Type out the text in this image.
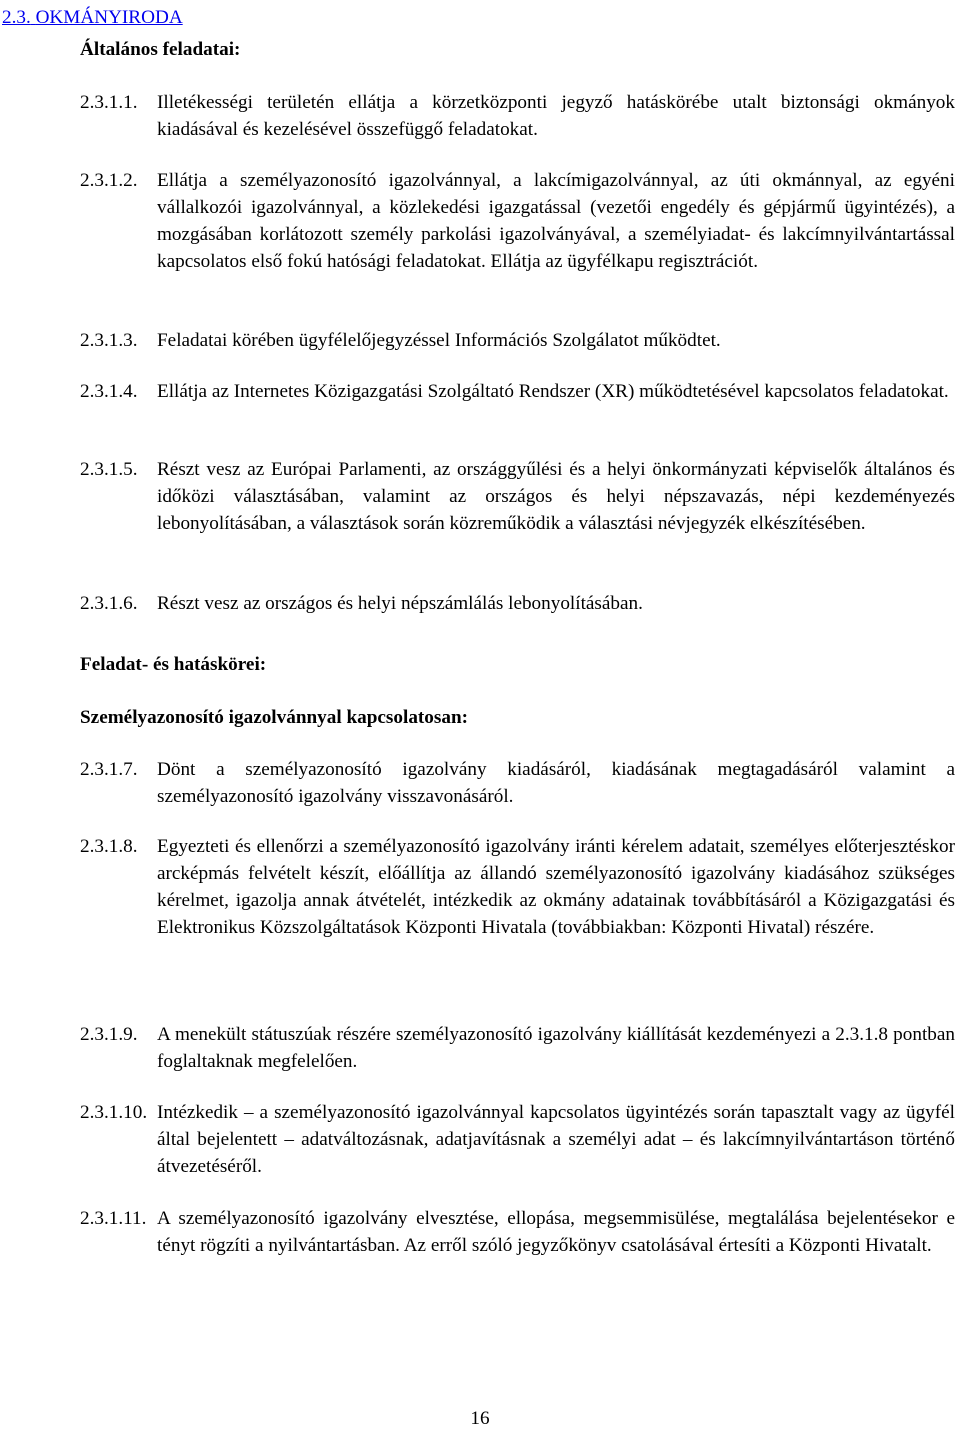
2.3. OKMÁNYIRODA
Általános feladatai:
2.3.1.1. Illetékességi területén ellátja a körzetközponti jegyző hatáskörébe utalt biztonsági okmányok kiadásával és kezelésével összefüggő feladatokat.
2.3.1.2. Ellátja a személyazonosító igazolvánnyal, a lakcímigazolvánnyal, az úti okmánnyal, az egyéni vállalkozói igazolvánnyal, a közlekedési igazgatással (vezetői engedély és gépjármű ügyintézés), a mozgásában korlátozott személy parkolási igazolványával, a személyiadat- és lakcímnyilvántartással kapcsolatos első fokú hatósági feladatokat. Ellátja az ügyfélkapu regisztrációt.
2.3.1.3. Feladatai körében ügyfélelőjegyzéssel Információs Szolgálatot működtet.
2.3.1.4. Ellátja az Internetes Közigazgatási Szolgáltató Rendszer (XR) működtetésével kapcsolatos feladatokat.
2.3.1.5. Részt vesz az Európai Parlamenti, az országgyűlési és a helyi önkormányzati képviselők általános és időközi választásában, valamint az országos és helyi népszavazás, népi kezdeményezés lebonyolításában, a választások során közreműködik a választási névjegyzék elkészítésében.
2.3.1.6. Részt vesz az országos és helyi népszámlálás lebonyolításában.
Feladat- és hatáskörei:
Személyazonosító igazolvánnyal kapcsolatosan:
2.3.1.7. Dönt a személyazonosító igazolvány kiadásáról, kiadásának megtagadásáról valamint a személyazonosító igazolvány visszavonásáról.
2.3.1.8. Egyezteti és ellenőrzi a személyazonosító igazolvány iránti kérelem adatait, személyes előterjesztéskor arcképmás felvételt készít, előállítja az állandó személyazonosító igazolvány kiadásához szükséges kérelmet, igazolja annak átvételét, intézkedik az okmány adatainak továbbításáról a Közigazgatási és Elektronikus Közszolgáltatások Központi Hivatala (továbbiakban: Központi Hivatal) részére.
2.3.1.9. A menekült státuszúak részére személyazonosító igazolvány kiállítását kezdeményezi a 2.3.1.8 pontban foglaltaknak megfelelően.
2.3.1.10. Intézkedik – a személyazonosító igazolvánnyal kapcsolatos ügyintézés során tapasztalt vagy az ügyfél által bejelentett – adatváltozásnak, adatjavításnak a személyi adat – és lakcímnyilvántartáson történő átvezetéséről.
2.3.1.11. A személyazonosító igazolvány elvesztése, ellopása, megsemmisülése, megtalálása bejelentésekor e tényt rögzíti a nyilvántartásban. Az erről szóló jegyzőkönyv csatolásával értesíti a Központi Hivatalt.
16
